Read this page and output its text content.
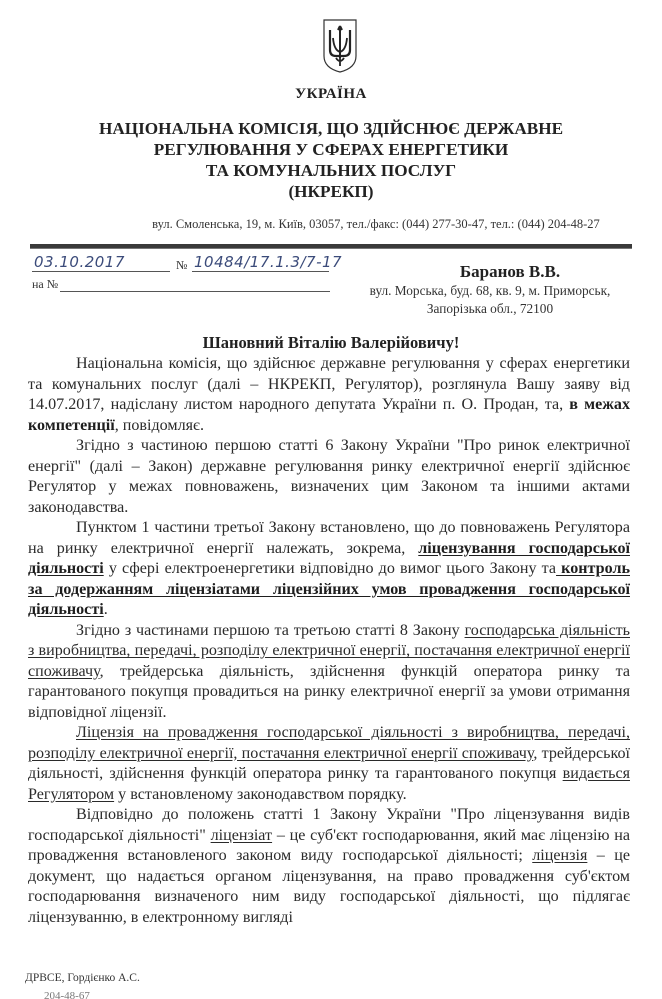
УКРАЇНА
НАЦІОНАЛЬНА КОМІСІЯ, ЩО ЗДІЙСНЮЄ ДЕРЖАВНЕ
РЕГУЛЮВАННЯ У СФЕРАХ ЕНЕРГЕТИКИ
ТА КОМУНАЛЬНИХ ПОСЛУГ
(НКРЕКП)
вул. Смоленська, 19, м. Київ, 03057, тел./факс: (044) 277-30-47, тел.: (044) 204-48-27
03.10.2017	№ 10484/17.1.3/7-17
на №
Баранов В.В.
вул. Морська, буд. 68, кв. 9, м. Приморськ,
Запорізька обл., 72100
Шановний Віталію Валерійовичу!

Національна комісія, що здійснює державне регулювання у сферах енергетики та комунальних послуг (далі – НКРЕКП, Регулятор), розглянула Вашу заяву від 14.07.2017, надіслану листом народного депутата України п. О. Продан, та, в межах компетенції, повідомляє.

Згідно з частиною першою статті 6 Закону України "Про ринок електричної енергії" (далі – Закон) державне регулювання ринку електричної енергії здійснює Регулятор у межах повноважень, визначених цим Законом та іншими актами законодавства.

Пунктом 1 частини третьої Закону встановлено, що до повноважень Регулятора на ринку електричної енергії належать, зокрема, ліцензування господарської діяльності у сфері електроенергетики відповідно до вимог цього Закону та контроль за додержанням ліцензіатами ліцензійних умов провадження господарської діяльності.

Згідно з частинами першою та третьою статті 8 Закону господарська діяльність з виробництва, передачі, розподілу електричної енергії, постачання електричної енергії споживачу, трейдерська діяльність, здійснення функцій оператора ринку та гарантованого покупця провадиться на ринку електричної енергії за умови отримання відповідної ліцензії.

Ліцензія на провадження господарської діяльності з виробництва, передачі, розподілу електричної енергії, постачання електричної енергії споживачу, трейдерської діяльності, здійснення функцій оператора ринку та гарантованого покупця видається Регулятором у встановленому законодавством порядку.

Відповідно до положень статті 1 Закону України "Про ліцензування видів господарської діяльності" ліцензіат – це суб'єкт господарювання, який має ліцензію на провадження встановленого законом виду господарської діяльності; ліцензія – це документ, що надається органом ліцензування, на право провадження суб'єктом господарювання визначеного ним виду господарської діяльності, що підлягає ліцензуванню, в електронному вигляді

ДРВСЕ, Гордієнко А.С.
204-48-67
